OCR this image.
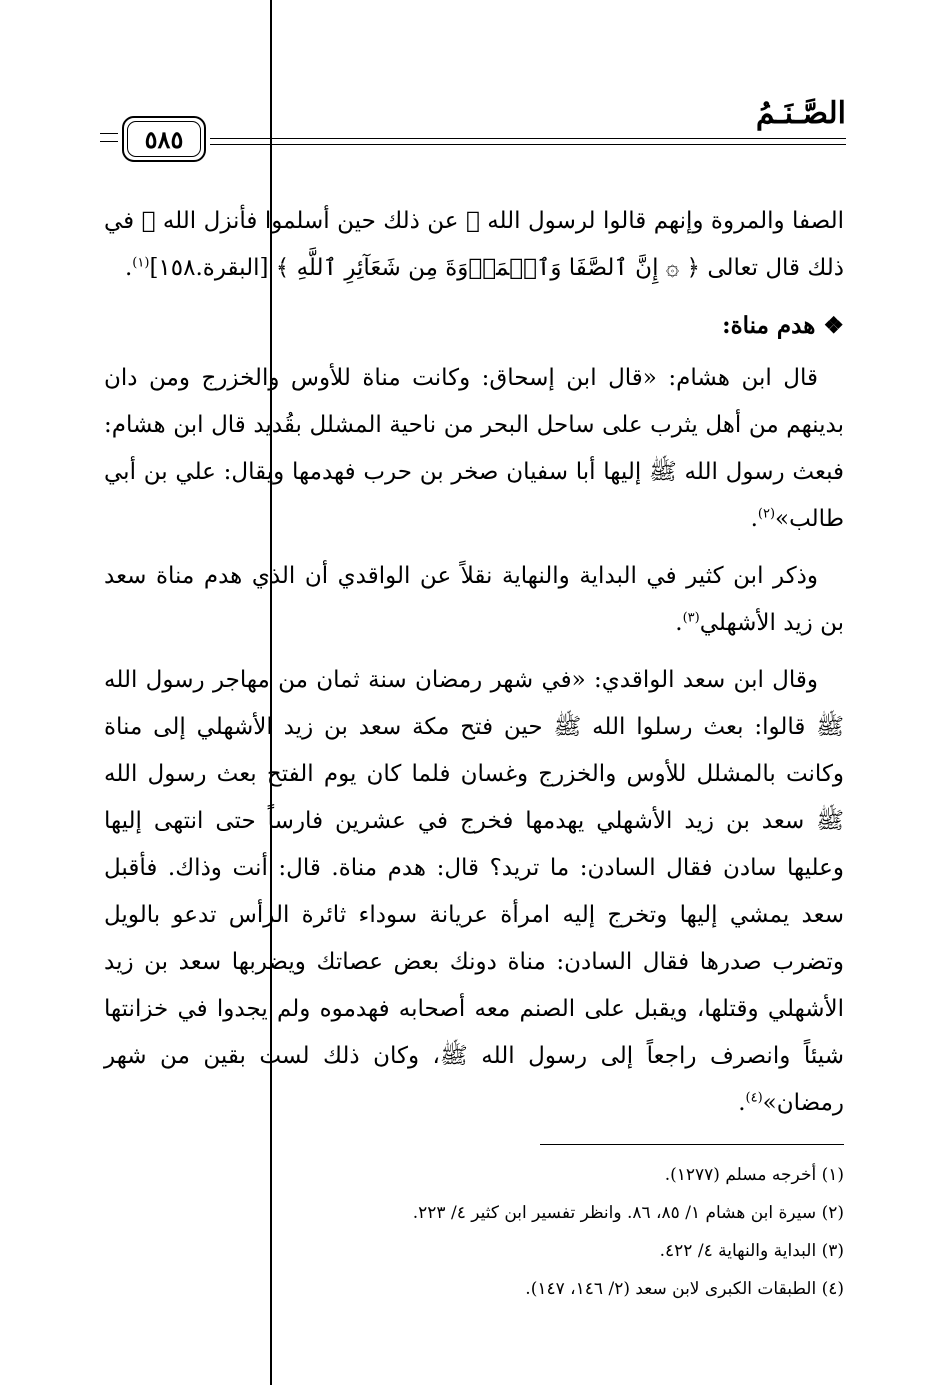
الصَّـنَـمُ
٥٨٥

الصفا والمروة وإنهم قالوا لرسول الله ﷺ عن ذلك حين أسلموا فأنزل الله ﷻ في ذلك قال تعالى ﴿ ۞ إِنَّ ٱلصَّفَا وَٱلۡمَرۡوَةَ مِن شَعَآئِرِ ٱللَّهِ ﴾ [البقرة.١٥٨]$^{(١)}$.

❖ هدم مناة:

قال ابن هشام: «قال ابن إسحاق: وكانت مناة للأوس والخزرج ومن دان بدينهم من أهل يثرب على ساحل البحر من ناحية المشلل بقُديد قال ابن هشام: فبعث رسول الله ﷺ إليها أبا سفيان صخر بن حرب فهدمها ويقال: علي بن أبي طالب»$^{(٢)}$.

وذكر ابن كثير في البداية والنهاية نقلاً عن الواقدي أن الذي هدم مناة سعد بن زيد الأشهلي$^{(٣)}$.

وقال ابن سعد الواقدي: «في شهر رمضان سنة ثمان من مهاجر رسول الله ﷺ قالوا: بعث رسلوا الله ﷺ حين فتح مكة سعد بن زيد الأشهلي إلى مناة وكانت بالمشلل للأوس والخزرج وغسان فلما كان يوم الفتح بعث رسول الله ﷺ سعد بن زيد الأشهلي يهدمها فخرج في عشرين فارساً حتى انتهى إليها وعليها سادن فقال السادن: ما تريد؟ قال: هدم مناة. قال: أنت وذاك. فأقبل سعد يمشي إليها وتخرج إليه امرأة عريانة سوداء ثائرة الرأس تدعو بالويل وتضرب صدرها فقال السادن: مناة دونك بعض عصاتك ويضربها سعد بن زيد الأشهلي وقتلها، ويقبل على الصنم معه أصحابه فهدموه ولم يجدوا في خزانتها شيئاً وانصرف راجعاً إلى رسول الله ﷺ، وكان ذلك لست بقين من شهر رمضان»$^{(٤)}$.

(١) أخرجه مسلم (١٢٧٧).
(٢) سيرة ابن هشام ١/ ٨٥، ٨٦. وانظر تفسير ابن كثير ٤/ ٢٢٣.
(٣) البداية والنهاية ٤/ ٤٢٢.
(٤) الطبقات الكبرى لابن سعد (٢/ ١٤٦، ١٤٧).
